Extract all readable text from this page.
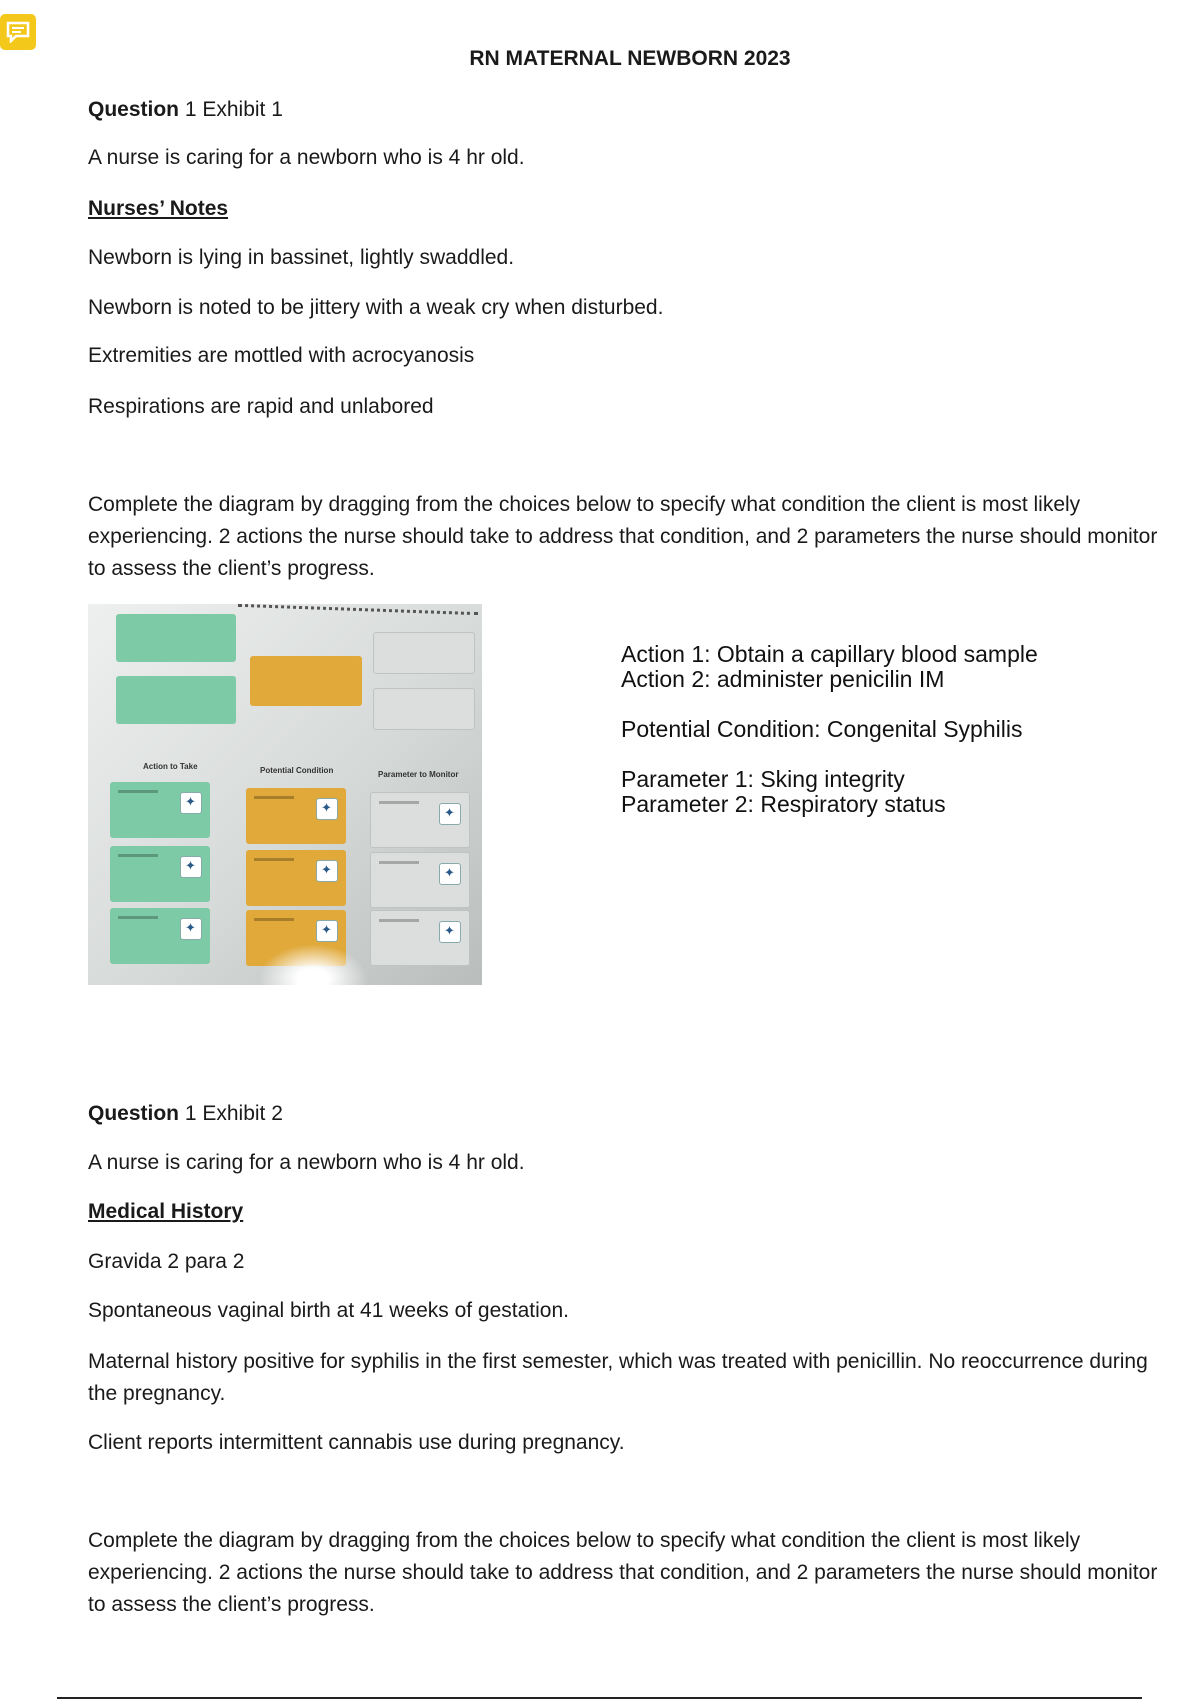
RN MATERNAL NEWBORN 2023
Question 1 Exhibit 1
A nurse is caring for a newborn who is 4 hr old.
Nurses’ Notes
Newborn is lying in bassinet, lightly swaddled.
Newborn is noted to be jittery with a weak cry when disturbed.
Extremities are mottled with acrocyanosis
Respirations are rapid and unlabored
Complete the diagram by dragging from the choices below to specify what condition the client is most likely experiencing. 2 actions the nurse should take to address that condition, and 2 parameters the nurse should monitor to assess the client’s progress.
Action to Take	Potential Condition	Parameter to Monitor
✦
✦
✦
✦
✦
✦
✦
✦
✦
Action 1: Obtain a capillary blood sample
Action 2: administer penicilin IM
Potential Condition: Congenital Syphilis
Parameter 1: Sking integrity
Parameter 2: Respiratory status
Question 1 Exhibit 2
A nurse is caring for a newborn who is 4 hr old.
Medical History
Gravida 2 para 2
Spontaneous vaginal birth at 41 weeks of gestation.
Maternal history positive for syphilis in the first semester, which was treated with penicillin. No reoccurrence during the pregnancy.
Client reports intermittent cannabis use during pregnancy.
Complete the diagram by dragging from the choices below to specify what condition the client is most likely experiencing. 2 actions the nurse should take to address that condition, and 2 parameters the nurse should monitor to assess the client’s progress.
